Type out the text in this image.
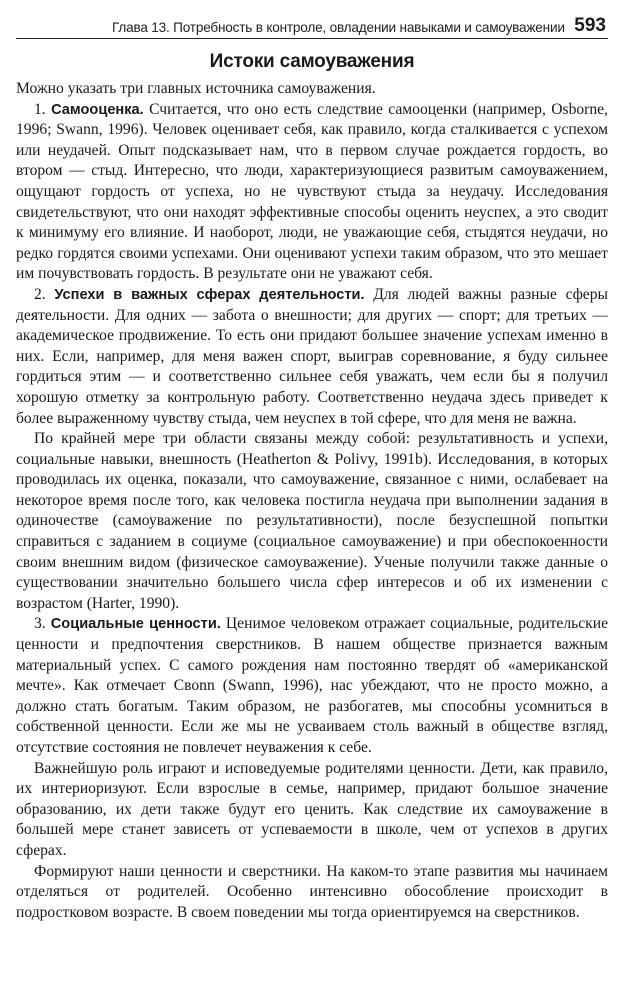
Глава 13. Потребность в контроле, овладении навыками и самоуважении 593
Истоки самоуважения

Можно указать три главных источника самоуважения.

1. Самооценка. Считается, что оно есть следствие самооценки (например, Osborne, 1996; Swann, 1996). Человек оценивает себя, как правило, когда сталкивается с успехом или неудачей. Опыт подсказывает нам, что в первом случае рождается гордость, во втором — стыд. Интересно, что люди, характеризующиеся развитым самоуважением, ощущают гордость от успеха, но не чувствуют стыда за неудачу. Исследования свидетельствуют, что они находят эффективные способы оценить неуспех, а это сводит к минимуму его влияние. И наоборот, люди, не уважающие себя, стыдятся неудачи, но редко гордятся своими успехами. Они оценивают успехи таким образом, что это мешает им почувствовать гордость. В результате они не уважают себя.

2. Успехи в важных сферах деятельности. Для людей важны разные сферы деятельности. Для одних — забота о внешности; для других — спорт; для третьих — академическое продвижение. То есть они придают большее значение успехам именно в них. Если, например, для меня важен спорт, выиграв соревнование, я буду сильнее гордиться этим — и соответственно сильнее себя уважать, чем если бы я получил хорошую отметку за контрольную работу. Соответственно неудача здесь приведет к более выраженному чувству стыда, чем неуспех в той сфере, что для меня не важна.

По крайней мере три области связаны между собой: результативность и успехи, социальные навыки, внешность (Heatherton & Polivy, 1991b). Исследования, в которых проводилась их оценка, показали, что самоуважение, связанное с ними, ослабевает на некоторое время после того, как человека постигла неудача при выполнении задания в одиночестве (самоуважение по результативности), после безуспешной попытки справиться с заданием в социуме (социальное самоуважение) и при обеспокоенности своим внешним видом (физическое самоуважение). Ученые получили также данные о существовании значительно большего числа сфер интересов и об их изменении с возрастом (Harter, 1990).

3. Социальные ценности. Ценимое человеком отражает социальные, родительские ценности и предпочтения сверстников. В нашем обществе признается важным материальный успех. С самого рождения нам постоянно твердят об «американской мечте». Как отмечает Своnn (Swann, 1996), нас убеждают, что не просто можно, а должно стать богатым. Таким образом, не разбогатев, мы способны усомниться в собственной ценности. Если же мы не усваиваем столь важный в обществе взгляд, отсутствие состояния не повлечет неуважения к себе.

Важнейшую роль играют и исповедуемые родителями ценности. Дети, как правило, их интериоризуют. Если взрослые в семье, например, придают большое значение образованию, их дети также будут его ценить. Как следствие их самоуважение в большей мере станет зависеть от успеваемости в школе, чем от успехов в других сферах.

Формируют наши ценности и сверстники. На каком-то этапе развития мы начинаем отделяться от родителей. Особенно интенсивно обособление происходит в подростковом возрасте. В своем поведении мы тогда ориентируемся на сверстников.
